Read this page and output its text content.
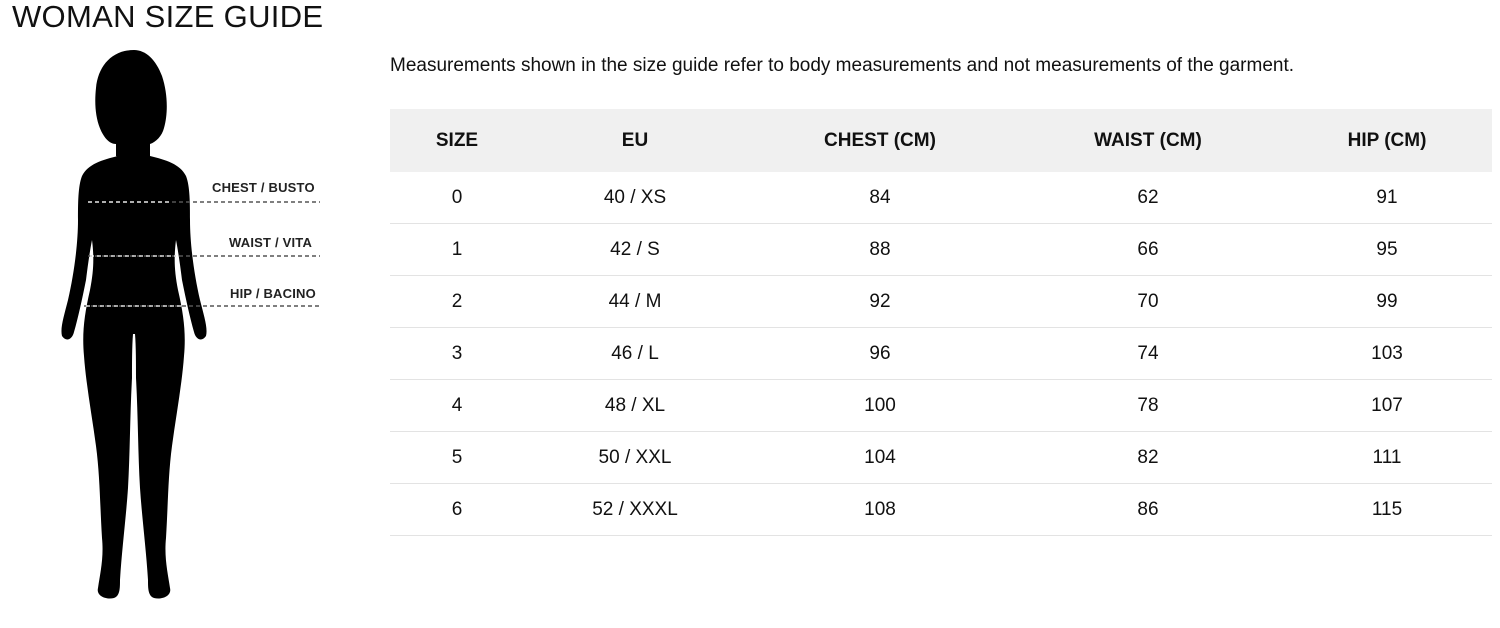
WOMAN SIZE GUIDE
CHEST / BUSTO
WAIST / VITA
HIP / BACINO
Measurements shown in the size guide refer to body measurements and not measurements of the garment.
SIZE	EU	CHEST (CM)	WAIST (CM)	HIP (CM)
0	40 / XS	84	62	91
1	42 / S	88	66	95
2	44 / M	92	70	99
3	46 / L	96	74	103
4	48 / XL	100	78	107
5	50 / XXL	104	82	111
6	52 / XXXL	108	86	115
